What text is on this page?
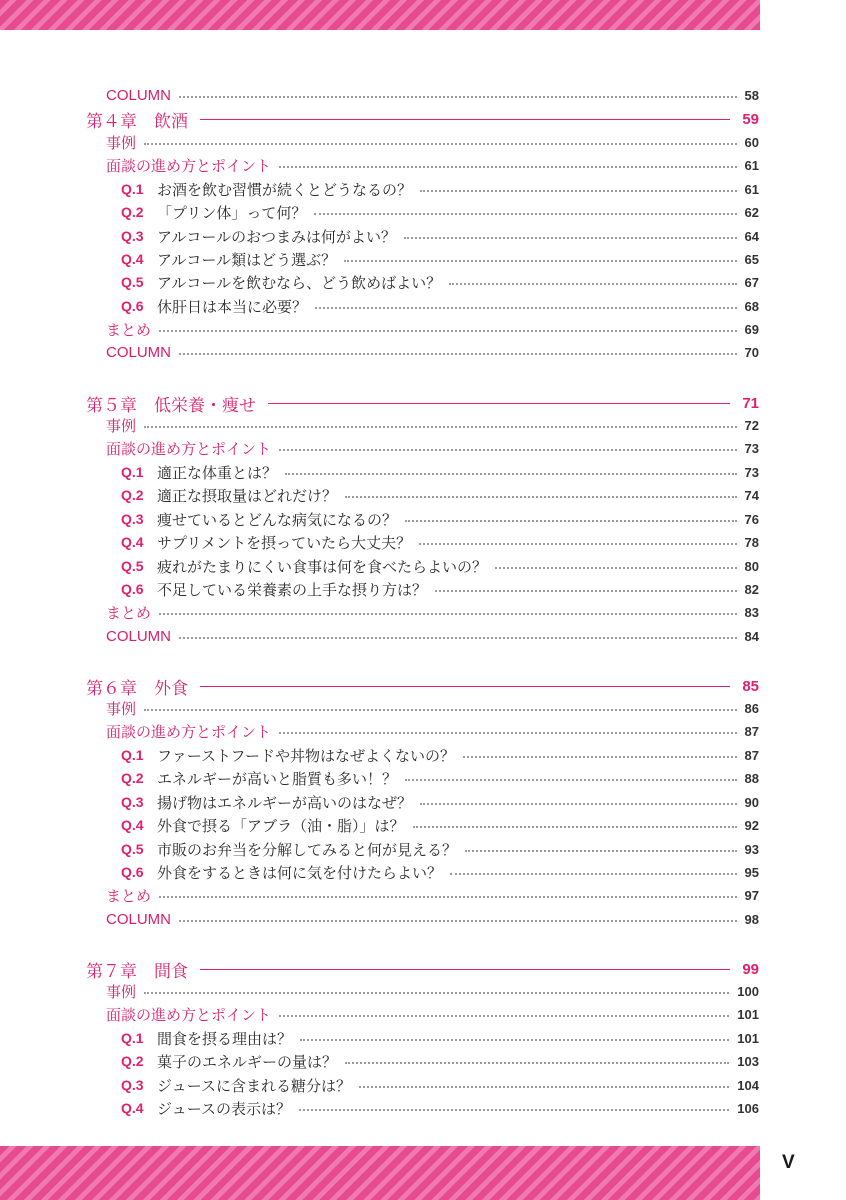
COLUMN	58
第４章　飲酒	59
事例	60
面談の進め方とポイント	61
Q.1 お酒を飲む習慣が続くとどうなるの？	61
Q.2 「プリン体」って何？	62
Q.3 アルコールのおつまみは何がよい？	64
Q.4 アルコール類はどう選ぶ？	65
Q.5 アルコールを飲むなら、どう飲めばよい？	67
Q.6 休肝日は本当に必要？	68
まとめ	69
COLUMN	70
第５章　低栄養・痩せ	71
事例	72
面談の進め方とポイント	73
Q.1 適正な体重とは？	73
Q.2 適正な摂取量はどれだけ？	74
Q.3 痩せているとどんな病気になるの？	76
Q.4 サプリメントを摂っていたら大丈夫？	78
Q.5 疲れがたまりにくい食事は何を食べたらよいの？	80
Q.6 不足している栄養素の上手な摂り方は？	82
まとめ	83
COLUMN	84
第６章　外食	85
事例	86
面談の進め方とポイント	87
Q.1 ファーストフードや丼物はなぜよくないの？	87
Q.2 エネルギーが高いと脂質も多い！？	88
Q.3 揚げ物はエネルギーが高いのはなぜ？	90
Q.4 外食で摂る「アブラ（油・脂）」は？	92
Q.5 市販のお弁当を分解してみると何が見える？	93
Q.6 外食をするときは何に気を付けたらよい？	95
まとめ	97
COLUMN	98
第７章　間食	99
事例	100
面談の進め方とポイント	101
Q.1 間食を摂る理由は？	101
Q.2 菓子のエネルギーの量は？	103
Q.3 ジュースに含まれる糖分は？	104
Q.4 ジュースの表示は？	106
V
